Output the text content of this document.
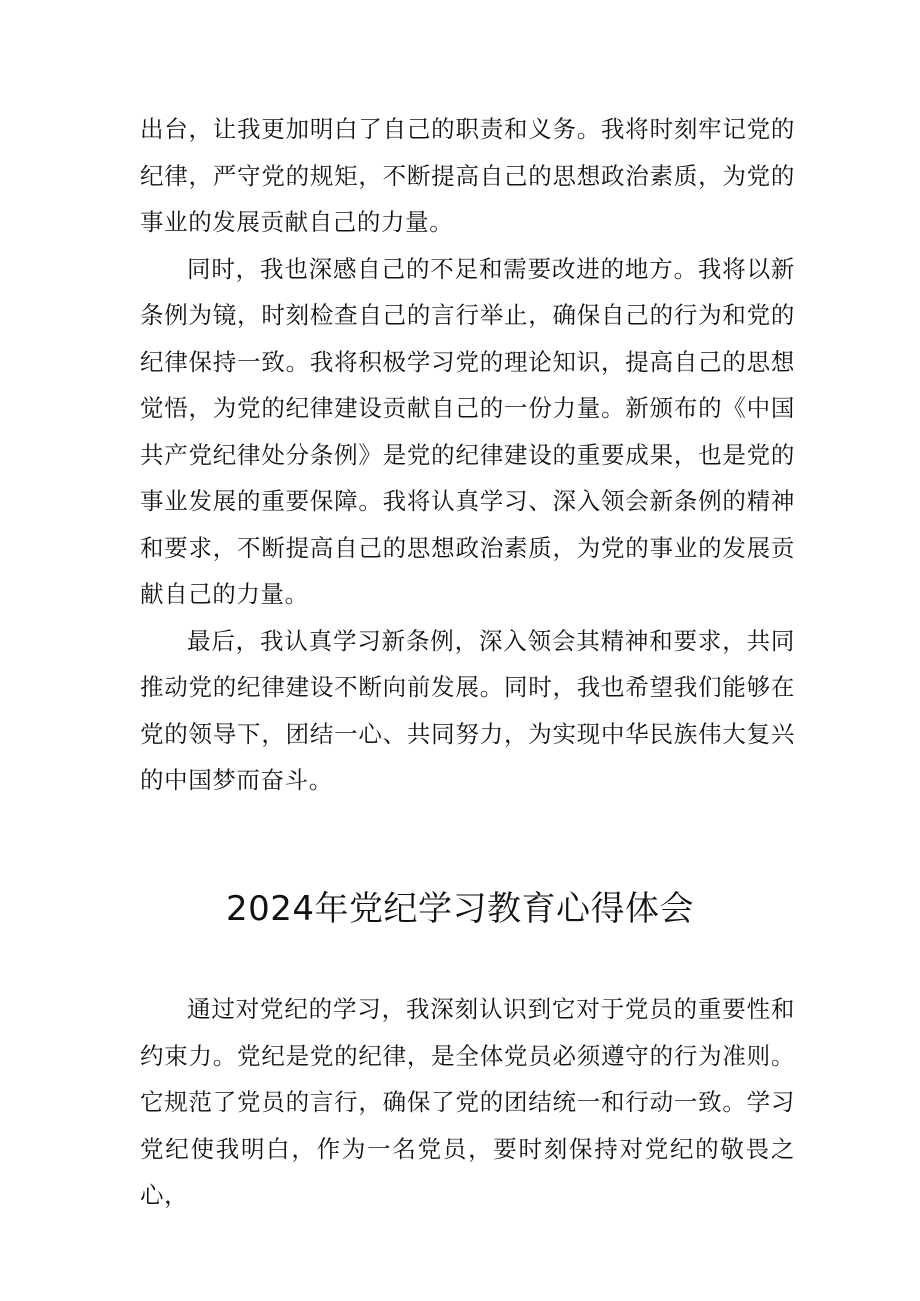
出台，让我更加明白了自己的职责和义务。我将时刻牢记党的纪律，严守党的规矩，不断提高自己的思想政治素质，为党的事业的发展贡献自己的力量。

同时，我也深感自己的不足和需要改进的地方。我将以新条例为镜，时刻检查自己的言行举止，确保自己的行为和党的纪律保持一致。我将积极学习党的理论知识，提高自己的思想觉悟，为党的纪律建设贡献自己的一份力量。新颁布的《中国共产党纪律处分条例》是党的纪律建设的重要成果，也是党的事业发展的重要保障。我将认真学习、深入领会新条例的精神和要求，不断提高自己的思想政治素质，为党的事业的发展贡献自己的力量。

最后，我认真学习新条例，深入领会其精神和要求，共同推动党的纪律建设不断向前发展。同时，我也希望我们能够在党的领导下，团结一心、共同努力，为实现中华民族伟大复兴的中国梦而奋斗。

2024年党纪学习教育心得体会

通过对党纪的学习，我深刻认识到它对于党员的重要性和约束力。党纪是党的纪律，是全体党员必须遵守的行为准则。它规范了党员的言行，确保了党的团结统一和行动一致。学习党纪使我明白，作为一名党员，要时刻保持对党纪的敬畏之心，
